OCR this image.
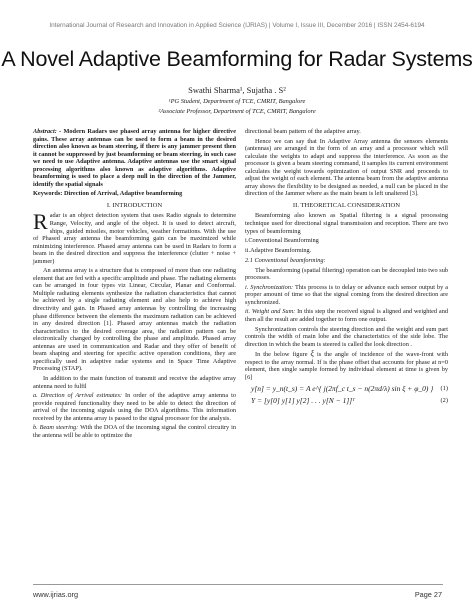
International Journal of Research and Innovation in Applied Science (IJRIAS) | Volume I, Issue III, December 2016 | ISSN 2454-6194
A Novel Adaptive Beamforming for Radar Systems
Swathi Sharma¹, Sujatha . S²
¹PG Student, Department of TCE, CMRIT, Bangalore
²Associate Professor, Department of TCE, CMRIT, Bangalore

Abstract: - Modern Radars use phased array antenna for higher directive gains. These array antennas can be used to form a beam in the desired direction also known as beam steering, if there is any jammer present then it cannot be suppressed by just beamforming or beam steering, in such case we need to use Adaptive antenna. Adaptive antennas use the smart signal processing algorithms also known as adaptive algorithms. Adaptive beamforming is used to place a deep null in the direction of the Jammer, identify the spatial signals

Keywords: Direction of Arrival, Adaptive beamforming

I. INTRODUCTION

R adar is an object detection system that uses Radio signals to determine Range, Velocity, and angle of the object. It is used to detect aircraft, ships, guided missiles, motor vehicles, weather formations. With the use of Phased array antenna the beamforming gain can be maximized while minimizing interference. Phased array antenna can be used in Radars to form a beam in the desired direction and suppress the interference (clutter + noise + jammer)

An antenna array is a structure that is composed of more than one radiating element that are fed with a specific amplitude and phase. The radiating elements can be arranged in four types viz Linear, Circular, Planar and Conformal. Multiple radiating elements synthesize the radiation characteristics that cannot be achieved by a single radiating element and also help to achieve high directivity and gain. In Phased array antennas by controlling the increasing phase difference between the elements the maximum radiation can be achieved in any desired direction [1]. Phased array antennas match the radiation characteristics to the desired coverage area, the radiation pattern can be electronically changed by controlling the phase and amplitude. Phased array antennas are used in communication and Radar and they offer of benefit of beam shaping and steering for specific active operation conditions, they are specifically used in adaptive radar systems and in Space Time Adaptive Processing (STAP).

In addition to the main function of transmit and receive the adaptive array antenna need to fulfil

a. Direction of Arrival estimates: In order of the adaptive array antenna to provide required functionality they need to be able to detect the direction of arrival of the incoming signals using the DOA algorithms. This information received by the antenna array is passed to the signal processor for the analysis.

b. Beam steering: With the DOA of the incoming signal the control circuitry in the antenna will be able to optimize the

directional beam pattern of the adaptive array.

Hence we can say that In Adaptive Array antenna the sensors elements (antennas) are arranged in the form of an array and a processor which will calculate the weights to adapt and suppress the interference. As soon as the processor is given a beam steering command, it samples its current environment calculates the weight towards optimization of output SNR and proceeds to adjust the weight of each element. The antenna beam from the adaptive antenna array shows the flexibility to be designed as needed, a null can be placed in the direction of the Jammer where as the main beam is left unaltered [3].

II. THEORETICAL CONSIDERATION

Beamforming also known as Spatial filtering is a signal processing technique used for directional signal transmission and reception. There are two types of beamforming

i.Conventional Beamforming

ii.Adaptive Beamforming.

2.1 Conventional beamforming:

The beamforming (spatial filtering) operation can be decoupled into two sub processes.

i. Synchronization: This process is to delay or advance each sensor output by a proper amount of time so that the signal coming from the desired direction are synchronized.

ii. Weight and Sum: In this step the received signal is aligned and weighted and then all the result are added together to form one output.

Synchronization controls the steering direction and the weight and sum part controls the width of main lobe and the characteristics of the side lobe. The direction in which the beam is steered is called the look direction .

In the below figure ξ is the angle of incidence of the wave-front with respect to the array normal. If is the phase offset that accounts for phase at n=0 element, then single sample formed by individual element at time is given by [6]

y[n] = y_n(t_s) = A e^{ j(2πf_c t_s − n(2πd/λ) sin ξ + φ_0) } (1)

Y = [y[0] y[1] y[2] . . . y[N − 1]]ᵀ	(2)

www.ijrias.org	Page 27
